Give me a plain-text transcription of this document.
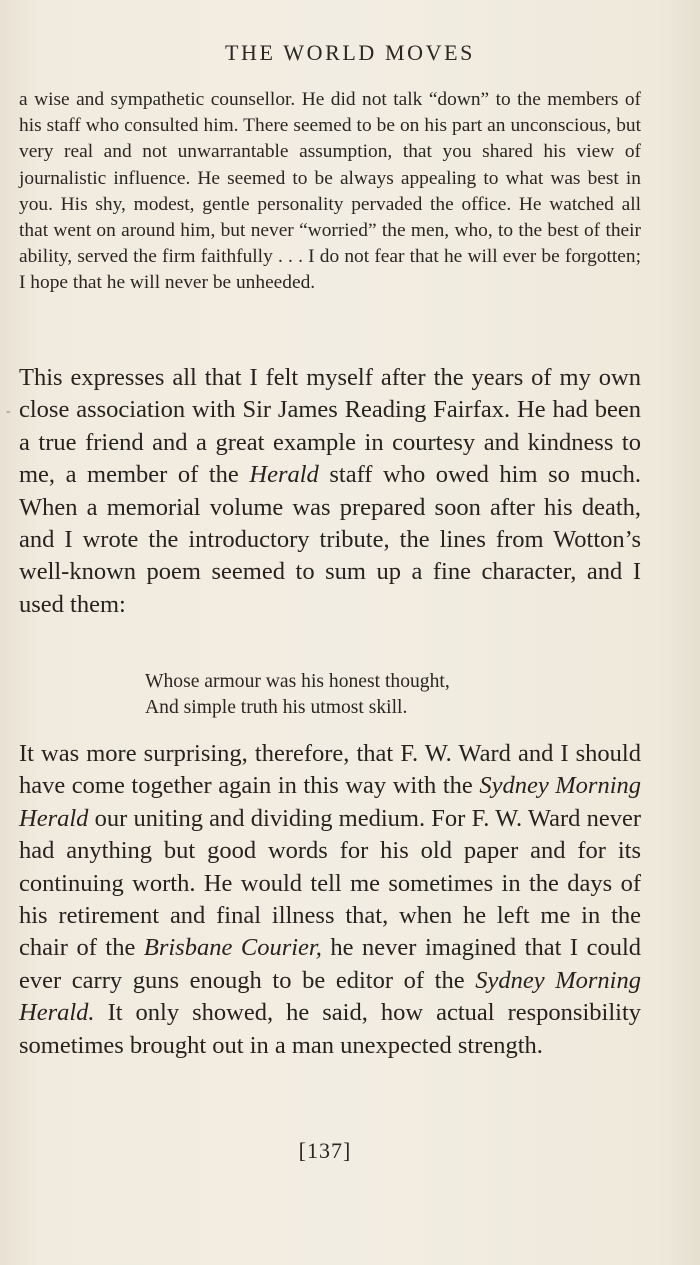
THE WORLD MOVES
a wise and sympathetic counsellor. He did not talk “down” to the members of his staff who consulted him. There seemed to be on his part an unconscious, but very real and not unwarrantable assumption, that you shared his view of journalistic influence. He seemed to be always appealing to what was best in you. His shy, modest, gentle personality pervaded the office. He watched all that went on around him, but never “worried” the men, who, to the best of their ability, served the firm faithfully . . . I do not fear that he will ever be forgotten; I hope that he will never be unheeded.
-
This expresses all that I felt myself after the years of my own close association with Sir James Reading Fairfax. He had been a true friend and a great example in courtesy and kindness to me, a member of the Herald staff who owed him so much. When a memorial volume was prepared soon after his death, and I wrote the introductory tribute, the lines from Wotton’s well-known poem seemed to sum up a fine character, and I used them:
Whose armour was his honest thought,
And simple truth his utmost skill.
It was more surprising, therefore, that F. W. Ward and I should have come together again in this way with the Sydney Morning Herald our uniting and dividing medium. For F. W. Ward never had anything but good words for his old paper and for its continuing worth. He would tell me sometimes in the days of his retirement and final illness that, when he left me in the chair of the Brisbane Courier, he never imagined that I could ever carry guns enough to be editor of the Sydney Morning Herald. It only showed, he said, how actual responsibility sometimes brought out in a man unexpected strength.
[137]
